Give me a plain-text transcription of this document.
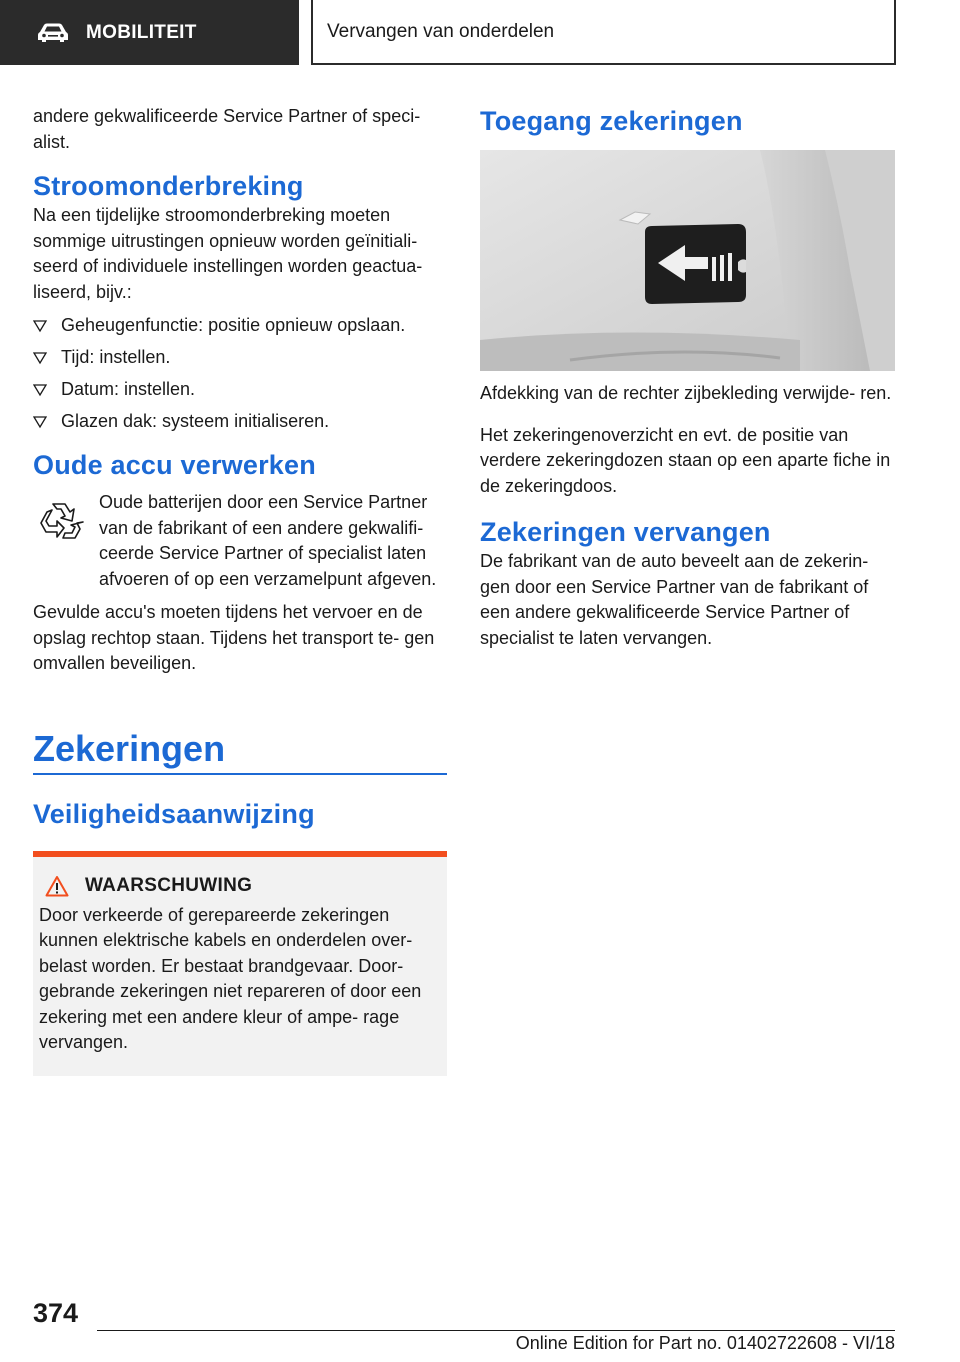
MOBILITEIT	Vervangen van onderdelen

andere gekwalificeerde Service Partner of speci- alist.

Stroomonderbreking

Na een tijdelijke stroomonderbreking moeten sommige uitrustingen opnieuw worden geïnitiali- seerd of individuele instellingen worden geactua- liseerd, bijv.:

Geheugenfunctie: positie opnieuw opslaan.
Tijd: instellen.
Datum: instellen.
Glazen dak: systeem initialiseren.
Oude accu verwerken

Oude batterijen door een Service Partner van de fabrikant of een andere gekwalifi- ceerde Service Partner of specialist laten afvoeren of op een verzamelpunt afgeven.

Gevulde accu's moeten tijdens het vervoer en de opslag rechtop staan. Tijdens het transport te- gen omvallen beveiligen.

Zekeringen
Veiligheidsaanwijzing
WAARSCHUWING

Door verkeerde of gerepareerde zekeringen kunnen elektrische kabels en onderdelen over- belast worden. Er bestaat brandgevaar. Door- gebrande zekeringen niet repareren of door een zekering met een andere kleur of ampe- rage vervangen.

Toegang zekeringen

Afdekking van de rechter zijbekleding verwijde- ren.

Het zekeringenoverzicht en evt. de positie van verdere zekeringdozen staan op een aparte fiche in de zekeringdoos.

Zekeringen vervangen

De fabrikant van de auto beveelt aan de zekerin- gen door een Service Partner van de fabrikant of een andere gekwalificeerde Service Partner of specialist te laten vervangen.

374
Online Edition for Part no. 01402722608 - VI/18
